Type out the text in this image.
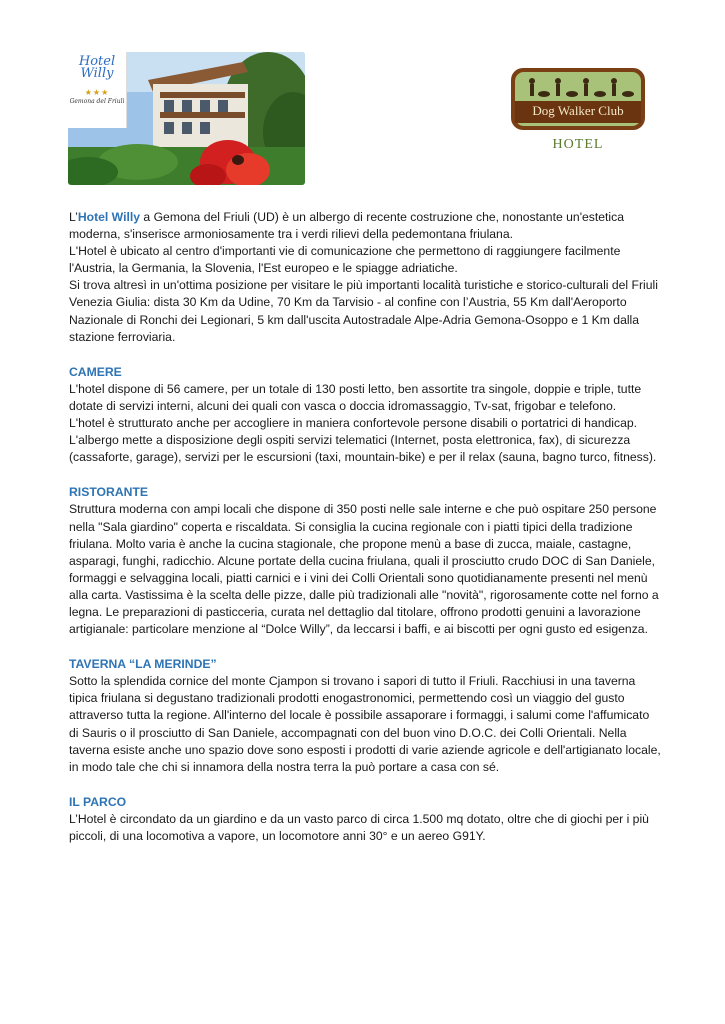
Hotel Willy
★★★
Gemona del Friuli
Dog Walker Club
HOTEL

L’Hotel Willy a Gemona del Friuli (UD) è un albergo di recente costruzione che, nonostante un'estetica moderna, s'inserisce armoniosamente tra i verdi rilievi della pedemontana friulana.

L'Hotel è ubicato al centro d'importanti vie di comunicazione che permettono di raggiungere facilmente l'Austria, la Germania, la Slovenia, l'Est europeo e le spiagge adriatiche.

Si trova altresì in un'ottima posizione per visitare le più importanti località turistiche e storico-culturali del Friuli Venezia Giulia: dista 30 Km da Udine, 70 Km da Tarvisio - al confine con l’Austria, 55 Km dall'Aeroporto Nazionale di Ronchi dei Legionari, 5 km dall'uscita Autostradale Alpe-Adria Gemona-Osoppo e 1 Km dalla stazione ferroviaria.

CAMERE

L'hotel dispone di 56 camere, per un totale di 130 posti letto, ben assortite tra singole, doppie e triple, tutte dotate di servizi interni, alcuni dei quali con vasca o doccia idromassaggio, Tv-sat, frigobar e telefono.

L'hotel è strutturato anche per accogliere in maniera confortevole persone disabili o portatrici di handicap.

L'albergo mette a disposizione degli ospiti servizi telematici (Internet, posta elettronica, fax), di sicurezza (cassaforte, garage), servizi per le escursioni (taxi, mountain-bike) e per il relax (sauna, bagno turco, fitness).

RISTORANTE

Struttura moderna con ampi locali che dispone di 350 posti nelle sale interne e che può ospitare 250 persone nella "Sala giardino" coperta e riscaldata. Si consiglia la cucina regionale con i piatti tipici della tradizione friulana. Molto varia è anche la cucina stagionale, che propone menù a base di zucca, maiale, castagne, asparagi, funghi, radicchio. Alcune portate della cucina friulana, quali il prosciutto crudo DOC di San Daniele, formaggi e selvaggina locali, piatti carnici e i vini dei Colli Orientali sono quotidianamente presenti nel menù alla carta. Vastissima è la scelta delle pizze, dalle più tradizionali alle "novità", rigorosamente cotte nel forno a legna. Le preparazioni di pasticceria, curata nel dettaglio dal titolare, offrono prodotti genuini a lavorazione artigianale: particolare menzione al “Dolce Willy”, da leccarsi i baffi, e ai biscotti per ogni gusto ed esigenza.

TAVERNA “LA MERINDE”

Sotto la splendida cornice del monte Cjampon si trovano i sapori di tutto il Friuli. Racchiusi in una taverna tipica friulana si degustano tradizionali prodotti enogastronomici, permettendo così un viaggio del gusto attraverso tutta la regione. All'interno del locale è possibile assaporare i formaggi, i salumi come l'affumicato di Sauris o il prosciutto di San Daniele, accompagnati con del buon vino D.O.C. dei Colli Orientali. Nella taverna esiste anche uno spazio dove sono esposti i prodotti di varie aziende agricole e dell'artigianato locale, in modo tale che chi si innamora della nostra terra la può portare a casa con sé.

IL PARCO

L’Hotel è circondato da un giardino e da un vasto parco di circa 1.500 mq dotato, oltre che di giochi per i più piccoli, di una locomotiva a vapore, un locomotore anni 30° e un aereo G91Y.
